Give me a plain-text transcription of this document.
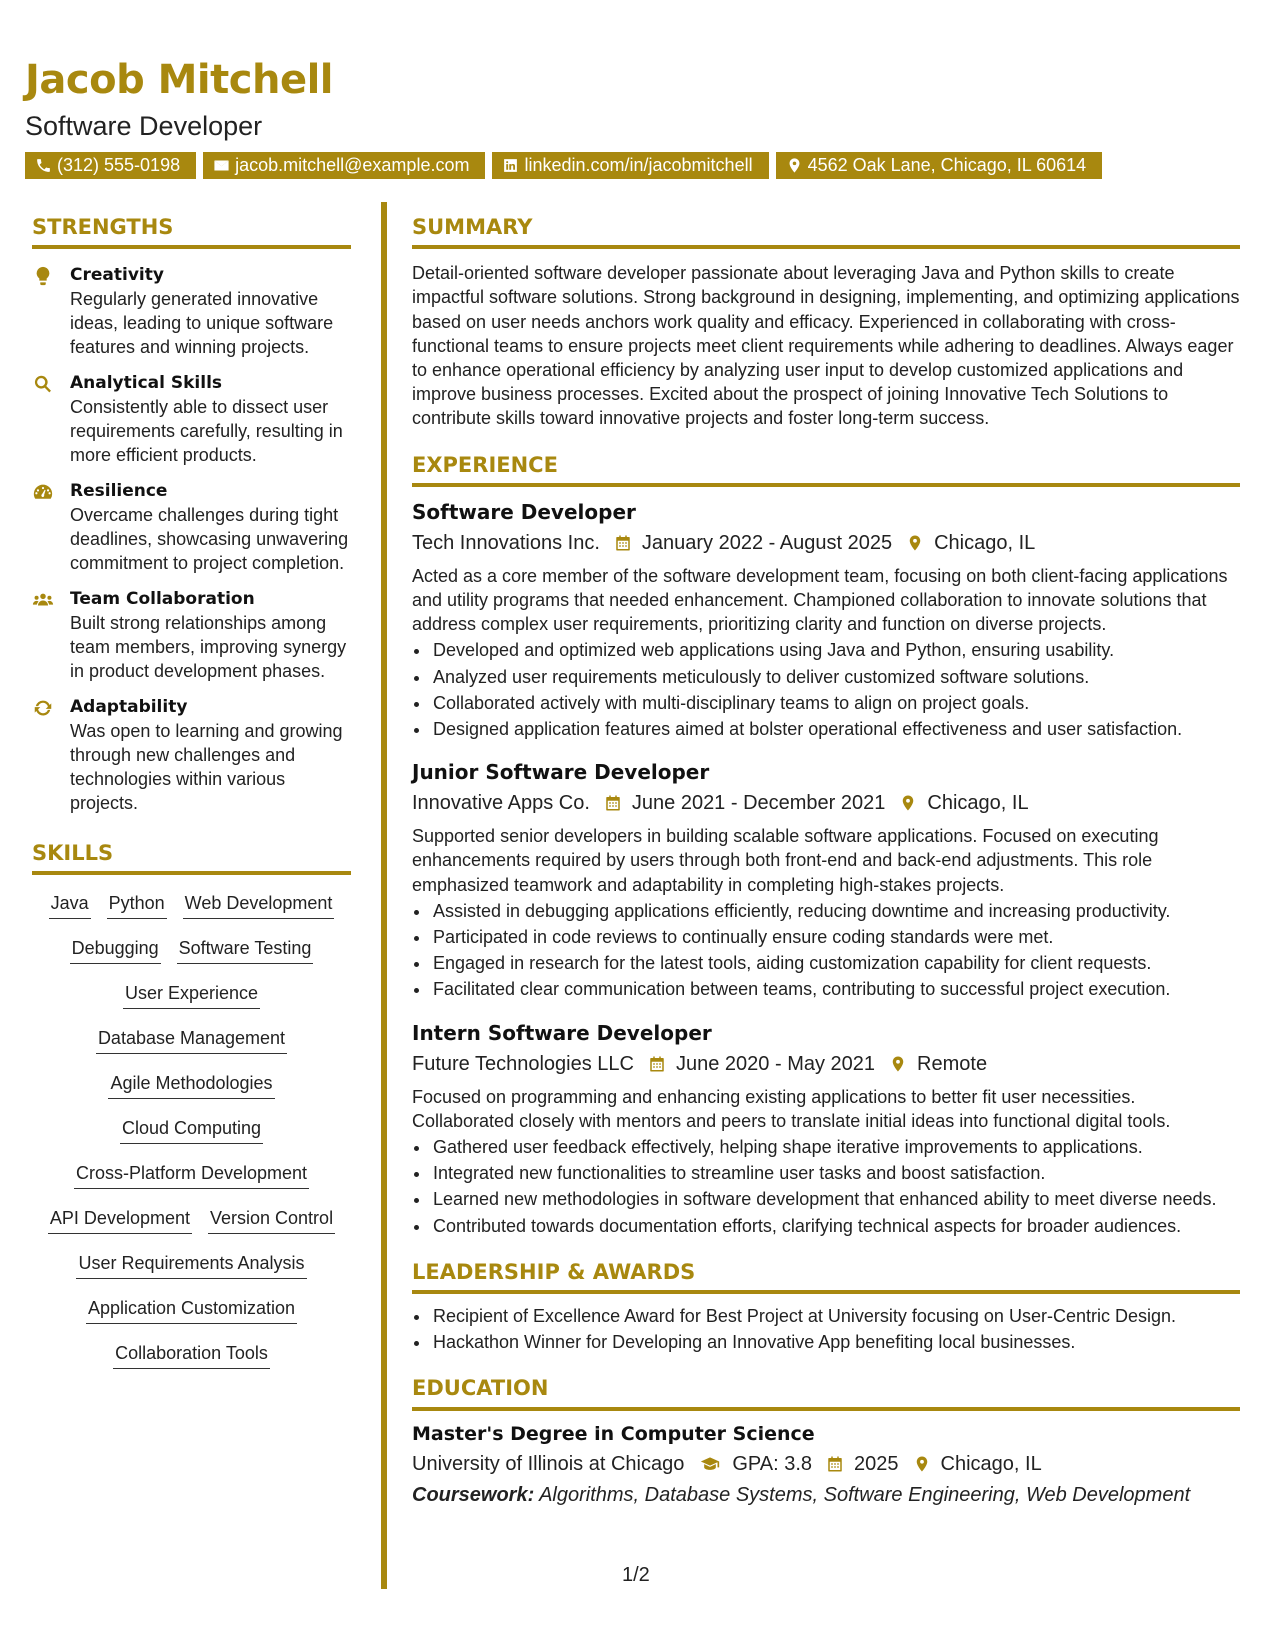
Jacob Mitchell
Software Developer
(312) 555-0198	jacob.mitchell@example.com	linkedin.com/in/jacobmitchell	4562 Oak Lane, Chicago, IL 60614
STRENGTHS
Creativity
Regularly generated innovative ideas, leading to unique software features and winning projects.
Analytical Skills
Consistently able to dissect user requirements carefully, resulting in more efficient products.
Resilience
Overcame challenges during tight deadlines, showcasing unwavering commitment to project completion.
Team Collaboration
Built strong relationships among team members, improving synergy in product development phases.
Adaptability
Was open to learning and growing through new challenges and technologies within various projects.
SKILLS
Java Python Web Development
Debugging Software Testing
User Experience
Database Management
Agile Methodologies
Cloud Computing
Cross-Platform Development
API Development Version Control
User Requirements Analysis
Application Customization
Collaboration Tools
SUMMARY

Detail-oriented software developer passionate about leveraging Java and Python skills to create impactful software solutions. Strong background in designing, implementing, and optimizing applications based on user needs anchors work quality and efficacy. Experienced in collaborating with cross-functional teams to ensure projects meet client requirements while adhering to deadlines. Always eager to enhance operational efficiency by analyzing user input to develop customized applications and improve business processes. Excited about the prospect of joining Innovative Tech Solutions to contribute skills toward innovative projects and foster long-term success.

EXPERIENCE
Software Developer
Tech Innovations Inc. January 2022 - August 2025 Chicago, IL

Acted as a core member of the software development team, focusing on both client-facing applications and utility programs that needed enhancement. Championed collaboration to innovate solutions that address complex user requirements, prioritizing clarity and function on diverse projects.

• Developed and optimized web applications using Java and Python, ensuring usability.
• Analyzed user requirements meticulously to deliver customized software solutions.
• Collaborated actively with multi-disciplinary teams to align on project goals.
• Designed application features aimed at bolster operational effectiveness and user satisfaction.
Junior Software Developer
Innovative Apps Co. June 2021 - December 2021 Chicago, IL

Supported senior developers in building scalable software applications. Focused on executing enhancements required by users through both front-end and back-end adjustments. This role emphasized teamwork and adaptability in completing high-stakes projects.

• Assisted in debugging applications efficiently, reducing downtime and increasing productivity.
• Participated in code reviews to continually ensure coding standards were met.
• Engaged in research for the latest tools, aiding customization capability for client requests.
• Facilitated clear communication between teams, contributing to successful project execution.
Intern Software Developer
Future Technologies LLC June 2020 - May 2021 Remote

Focused on programming and enhancing existing applications to better fit user necessities. Collaborated closely with mentors and peers to translate initial ideas into functional digital tools.

• Gathered user feedback effectively, helping shape iterative improvements to applications.
• Integrated new functionalities to streamline user tasks and boost satisfaction.
• Learned new methodologies in software development that enhanced ability to meet diverse needs.
• Contributed towards documentation efforts, clarifying technical aspects for broader audiences.
LEADERSHIP & AWARDS
• Recipient of Excellence Award for Best Project at University focusing on User-Centric Design.
• Hackathon Winner for Developing an Innovative App benefiting local businesses.
EDUCATION
Master's Degree in Computer Science
University of Illinois at Chicago GPA: 3.8 2025 Chicago, IL
Coursework: Algorithms, Database Systems, Software Engineering, Web Development
1/2
